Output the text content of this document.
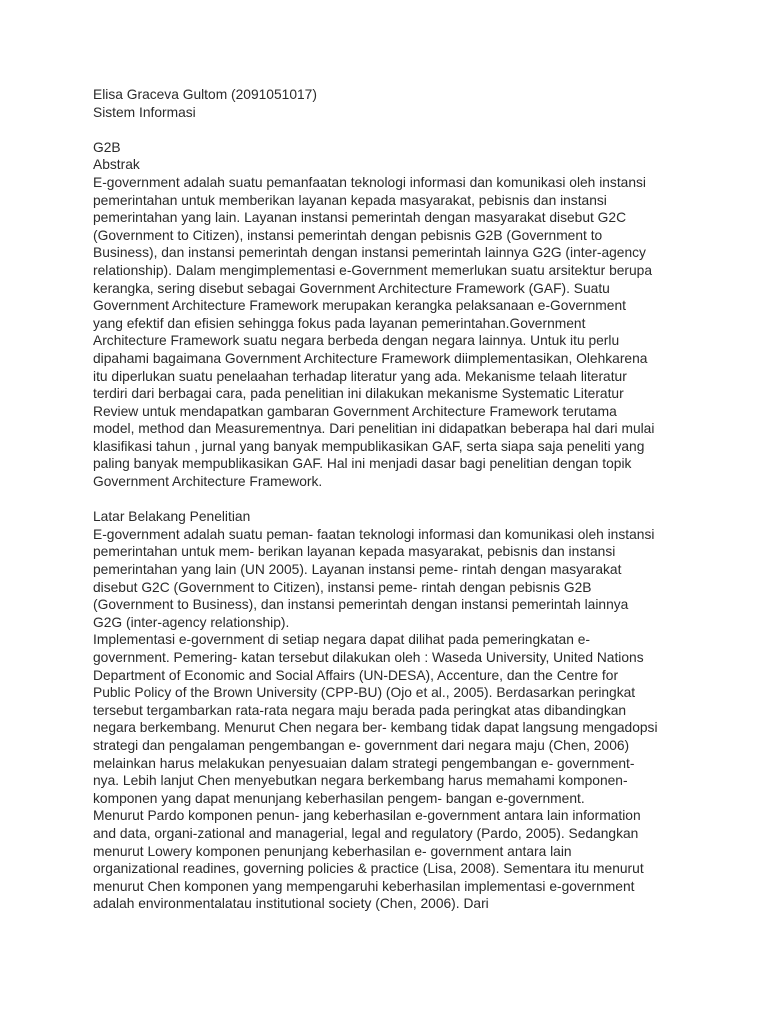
Elisa Graceva Gultom (2091051017)
Sistem Informasi
G2B
Abstrak
E-government adalah suatu pemanfaatan teknologi informasi dan komunikasi oleh instansi
pemerintahan untuk memberikan layanan kepada masyarakat, pebisnis dan instansi
pemerintahan yang lain. Layanan instansi pemerintah dengan masyarakat disebut G2C
(Government to Citizen), instansi pemerintah dengan pebisnis G2B (Government to
Business), dan instansi pemerintah dengan instansi pemerintah lainnya G2G (inter-agency
relationship). Dalam mengimplementasi e-Government memerlukan suatu arsitektur berupa
kerangka, sering disebut sebagai Government Architecture Framework (GAF). Suatu
Government Architecture Framework merupakan kerangka pelaksanaan e-Government
yang efektif dan efisien sehingga fokus pada layanan pemerintahan.Government
Architecture Framework suatu negara berbeda dengan negara lainnya. Untuk itu perlu
dipahami bagaimana Government Architecture Framework diimplementasikan, Olehkarena
itu diperlukan suatu penelaahan terhadap literatur yang ada. Mekanisme telaah literatur
terdiri dari berbagai cara, pada penelitian ini dilakukan mekanisme Systematic Literatur
Review untuk mendapatkan gambaran Government Architecture Framework terutama
model, method dan Measurementnya. Dari penelitian ini didapatkan beberapa hal dari mulai
klasifikasi tahun , jurnal yang banyak mempublikasikan GAF, serta siapa saja peneliti yang
paling banyak mempublikasikan GAF. Hal ini menjadi dasar bagi penelitian dengan topik
Government Architecture Framework.
Latar Belakang Penelitian
E-government adalah suatu peman- faatan teknologi informasi dan komunikasi oleh instansi
pemerintahan untuk mem- berikan layanan kepada masyarakat, pebisnis dan instansi
pemerintahan yang lain (UN 2005). Layanan instansi peme- rintah dengan masyarakat
disebut G2C (Government to Citizen), instansi peme- rintah dengan pebisnis G2B
(Government to Business), dan instansi pemerintah dengan instansi pemerintah lainnya
G2G (inter-agency relationship).
Implementasi e-government di setiap negara dapat dilihat pada pemeringkatan e-
government. Pemering- katan tersebut dilakukan oleh : Waseda University, United Nations
Department of Economic and Social Affairs (UN-DESA), Accenture, dan the Centre for
Public Policy of the Brown University (CPP-BU) (Ojo et al., 2005). Berdasarkan peringkat
tersebut tergambarkan rata-rata negara maju berada pada peringkat atas dibandingkan
negara berkembang. Menurut Chen negara ber- kembang tidak dapat langsung mengadopsi
strategi dan pengalaman pengembangan e- government dari negara maju (Chen, 2006)
melainkan harus melakukan penyesuaian dalam strategi pengembangan e- government-
nya. Lebih lanjut Chen menyebutkan negara berkembang harus memahami komponen-
komponen yang dapat menunjang keberhasilan pengem- bangan e-government.
Menurut Pardo komponen penun- jang keberhasilan e-government antara lain information
and data, organi-zational and managerial, legal and regulatory (Pardo, 2005). Sedangkan
menurut Lowery komponen penunjang keberhasilan e- government antara lain
organizational readines, governing policies & practice (Lisa, 2008). Sementara itu menurut
menurut Chen komponen yang mempengaruhi keberhasilan implementasi e-government
adalah environmentalatau institutional society (Chen, 2006). Dari
